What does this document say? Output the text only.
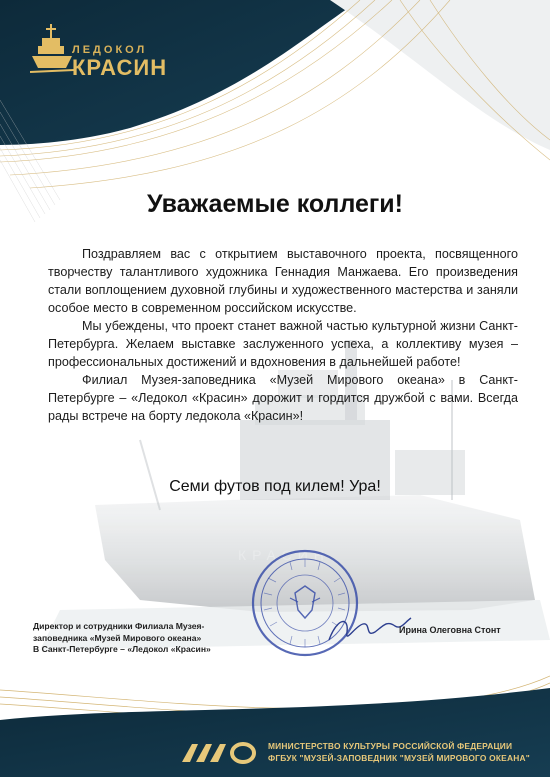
КРАСИН
ЛЕДОКОЛ
КРАСИН
Уважаемые коллеги!

Поздравляем вас с открытием выставочного проекта, посвященного творчеству талантливого художника Геннадия Манжаева. Его произведения стали воплощением духовной глубины и художественного мастерства и заняли особое место в современном российском искусстве.

Мы убеждены, что проект станет важной частью культурной жизни Санкт-Петербурга. Желаем выставке заслуженного успеха, а коллективу музея – профессиональных достижений и вдохновения в дальнейшей работе!

Филиал Музея-заповедника «Музей Мирового океана» в Санкт-Петербурге – «Ледокол «Красин» дорожит и гордится дружбой с вами. Всегда рады встрече на борту ледокола «Красин»!

Семи футов под килем! Ура!
Директор и сотрудники Филиала Музея-
заповедника «Музей Мирового океана»
В Санкт-Петербурге – «Ледокол «Красин»
Ирина Олеговна Стонт
ММО
МИНИСТЕРСТВО КУЛЬТУРЫ РОССИЙСКОЙ ФЕДЕРАЦИИ
ФГБУК "МУЗЕЙ-ЗАПОВЕДНИК "МУЗЕЙ МИРОВОГО ОКЕАНА"
